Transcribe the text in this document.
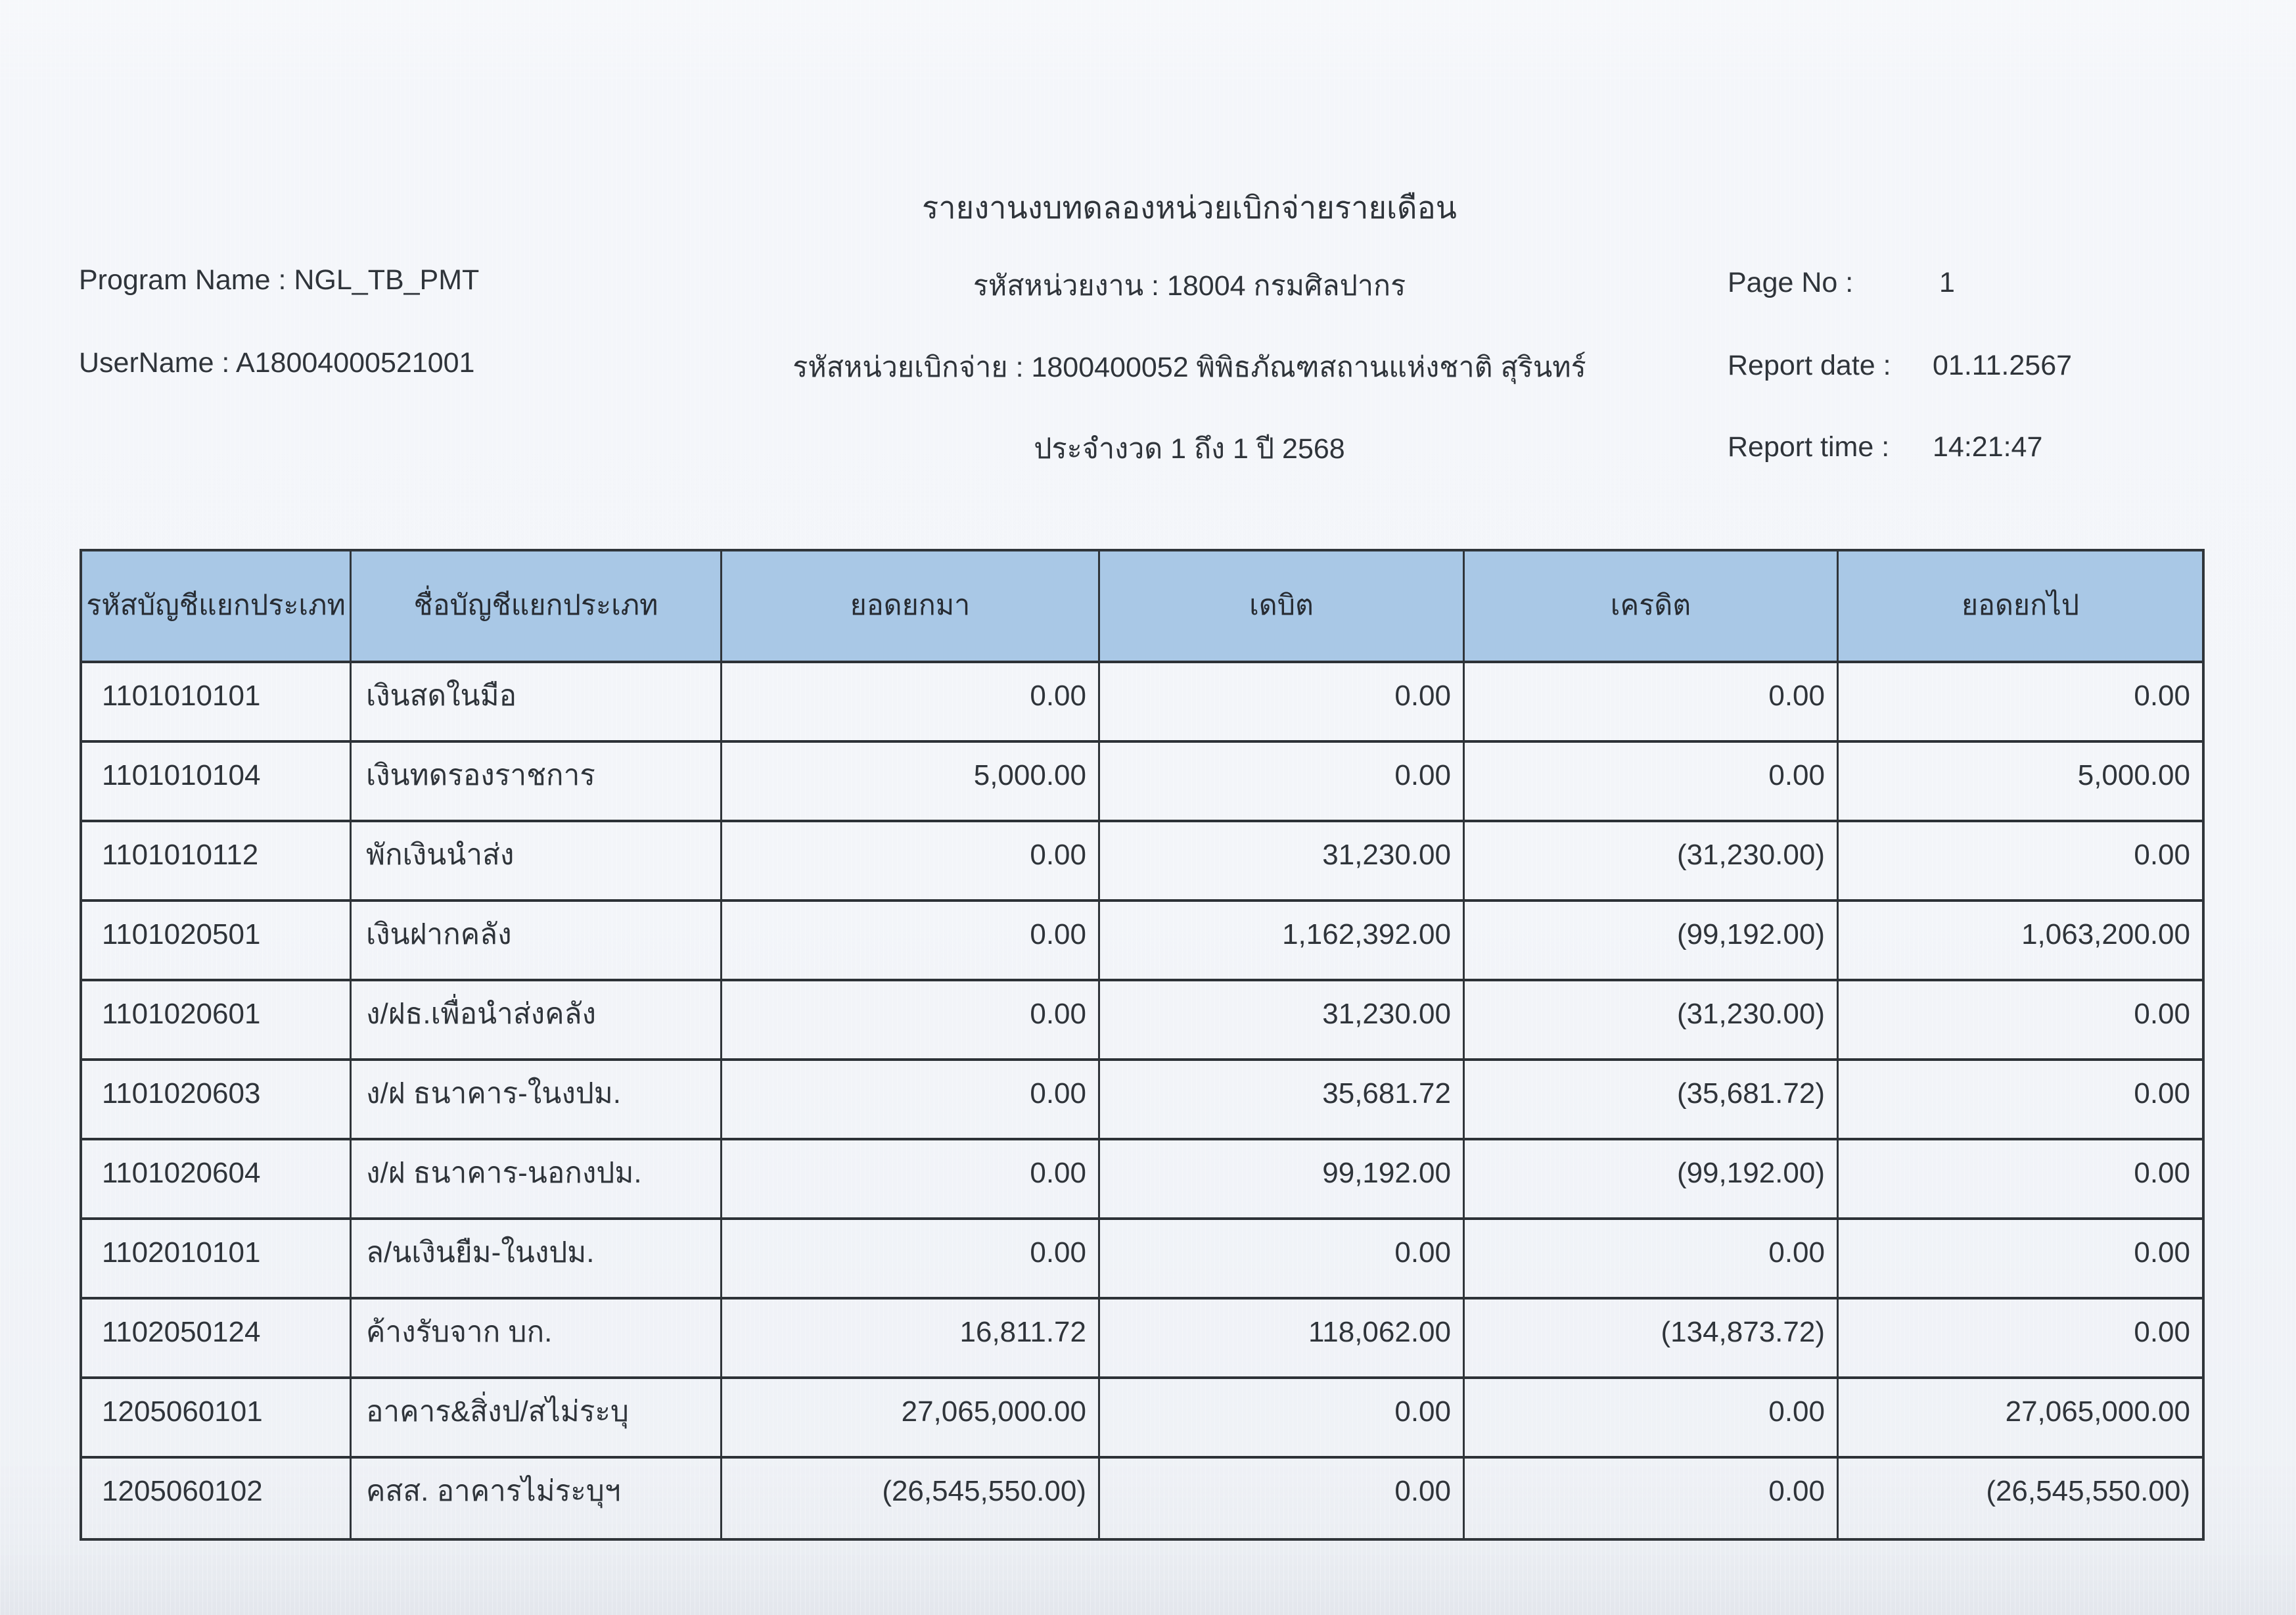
รายงานงบทดลองหน่วยเบิกจ่ายรายเดือน
Program Name : NGL_TB_PMT	รหัสหน่วยงาน : 18004 กรมศิลปากร	Page No :	1
UserName : A18004000521001	รหัสหน่วยเบิกจ่าย : 1800400052 พิพิธภัณฑสถานแห่งชาติ สุรินทร์	Report date : 01.11.2567
ประจำงวด 1 ถึง 1 ปี 2568	Report time : 14:21:47
รหัสบัญชีแยกประเภท	ชื่อบัญชีแยกประเภท	ยอดยกมา	เดบิต	เครดิต	ยอดยกไป
1101010101	เงินสดในมือ	0.00	0.00	0.00	0.00
1101010104	เงินทดรองราชการ	5,000.00	0.00	0.00	5,000.00
1101010112	พักเงินนำส่ง	0.00	31,230.00	(31,230.00)	0.00
1101020501	เงินฝากคลัง	0.00	1,162,392.00	(99,192.00)	1,063,200.00
1101020601	ง/ฝธ.เพื่อนำส่งคลัง	0.00	31,230.00	(31,230.00)	0.00
1101020603	ง/ฝ ธนาคาร-ในงปม.	0.00	35,681.72	(35,681.72)	0.00
1101020604	ง/ฝ ธนาคาร-นอกงปม.	0.00	99,192.00	(99,192.00)	0.00
1102010101	ล/นเงินยืม-ในงปม.	0.00	0.00	0.00	0.00
1102050124	ค้างรับจาก บก.	16,811.72	118,062.00	(134,873.72)	0.00
1205060101	อาคาร&สิ่งป/สไม่ระบุ	27,065,000.00	0.00	0.00	27,065,000.00
1205060102	คสส. อาคารไม่ระบุฯ	(26,545,550.00)	0.00	0.00	(26,545,550.00)
